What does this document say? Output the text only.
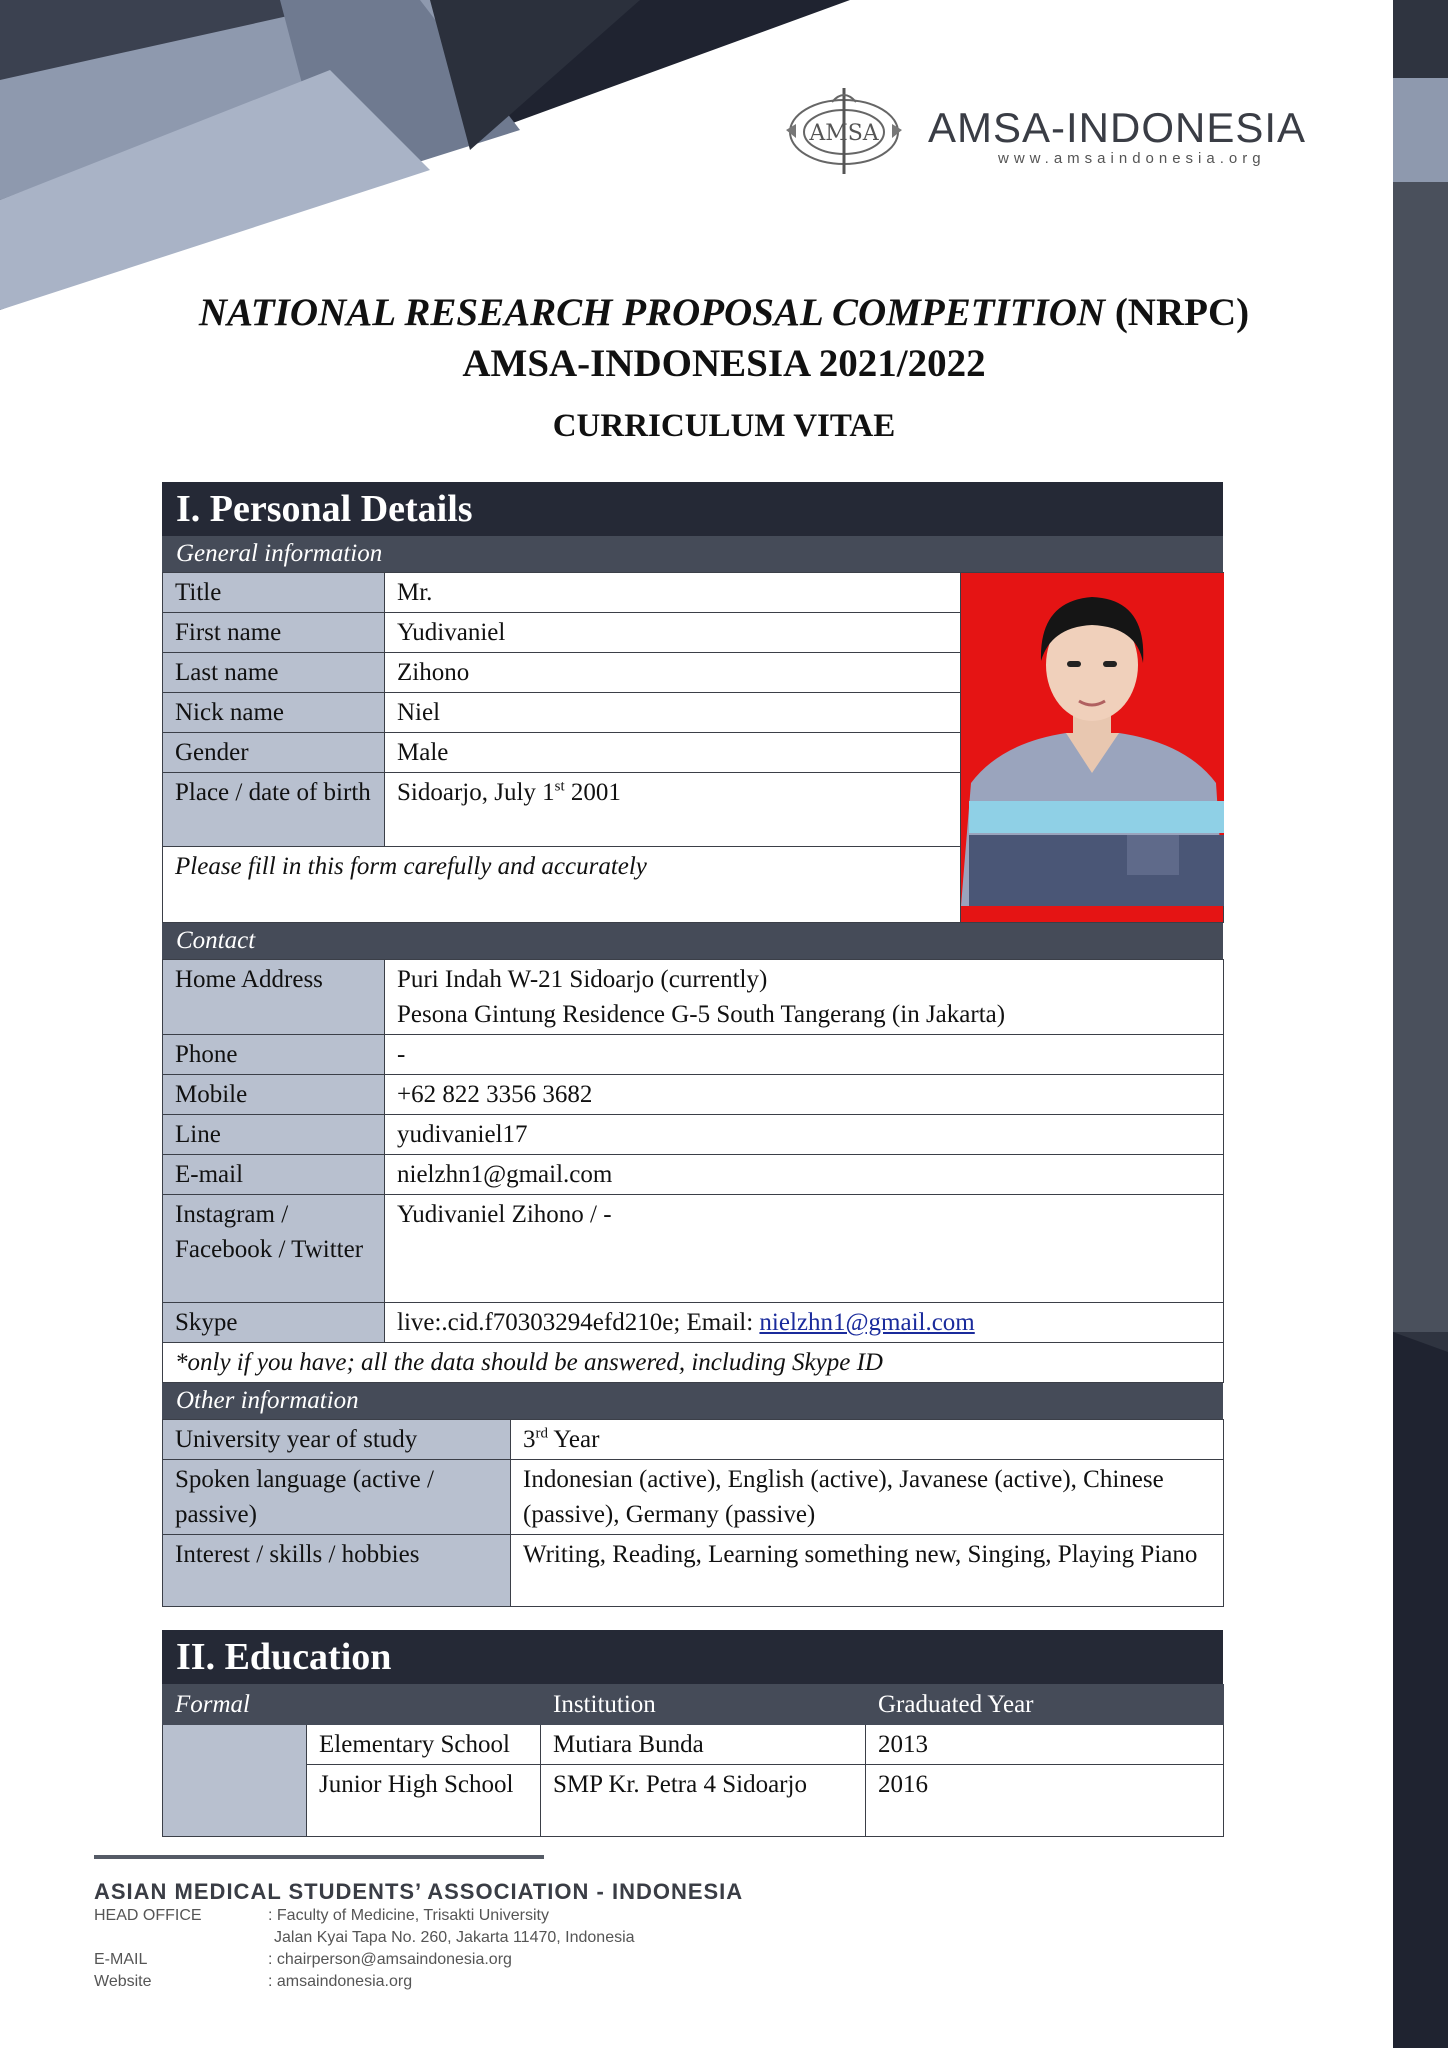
AMSA AMSA-INDONESIA
www.amsaindonesia.org
NATIONAL RESEARCH PROPOSAL COMPETITION (NRPC)
AMSA-INDONESIA 2021/2022
CURRICULUM VITAE
I. Personal Details
General information
Title	Mr.	

First name	Yudivaniel	
Last name	Zihono	
Nick name	Niel	
Gender	Male	
Place / date of birth	Sidoarjo, July 1st 2001	
Please fill in this form carefully and accurately		
Contact
Home Address	Puri Indah W-21 Sidoarjo (currently)
Pesona Gintung Residence G-5 South Tangerang (in Jakarta)

Phone	-
Mobile	+62 822 3356 3682
Line	yudivaniel17
E-mail	nielzhn1@gmail.com
Instagram / Facebook / Twitter	Yudivaniel Zihono / -
Skype	live:.cid.f70303294efd210e; Email: nielzhn1@gmail.com
*only if you have; all the data should be answered, including Skype ID	
Other information
University year of study	3rd Year
Spoken language (active / passive)	Indonesian (active), English (active), Javanese (active), Chinese (passive), Germany (passive)
Interest / skills / hobbies	Writing, Reading, Learning something new, Singing, Playing Piano
II. Education
Formal		Institution	Graduated Year
	Elementary School	Mutiara Bunda	2013
	Junior High School	SMP Kr. Petra 4 Sidoarjo	2016
ASIAN MEDICAL STUDENTS’ ASSOCIATION - INDONESIA
HEAD OFFICE	: Faculty of Medicine, Trisakti University
Jalan Kyai Tapa No. 260, Jakarta 11470, Indonesia
E-MAIL	: chairperson@amsaindonesia.org
Website	: amsaindonesia.org
